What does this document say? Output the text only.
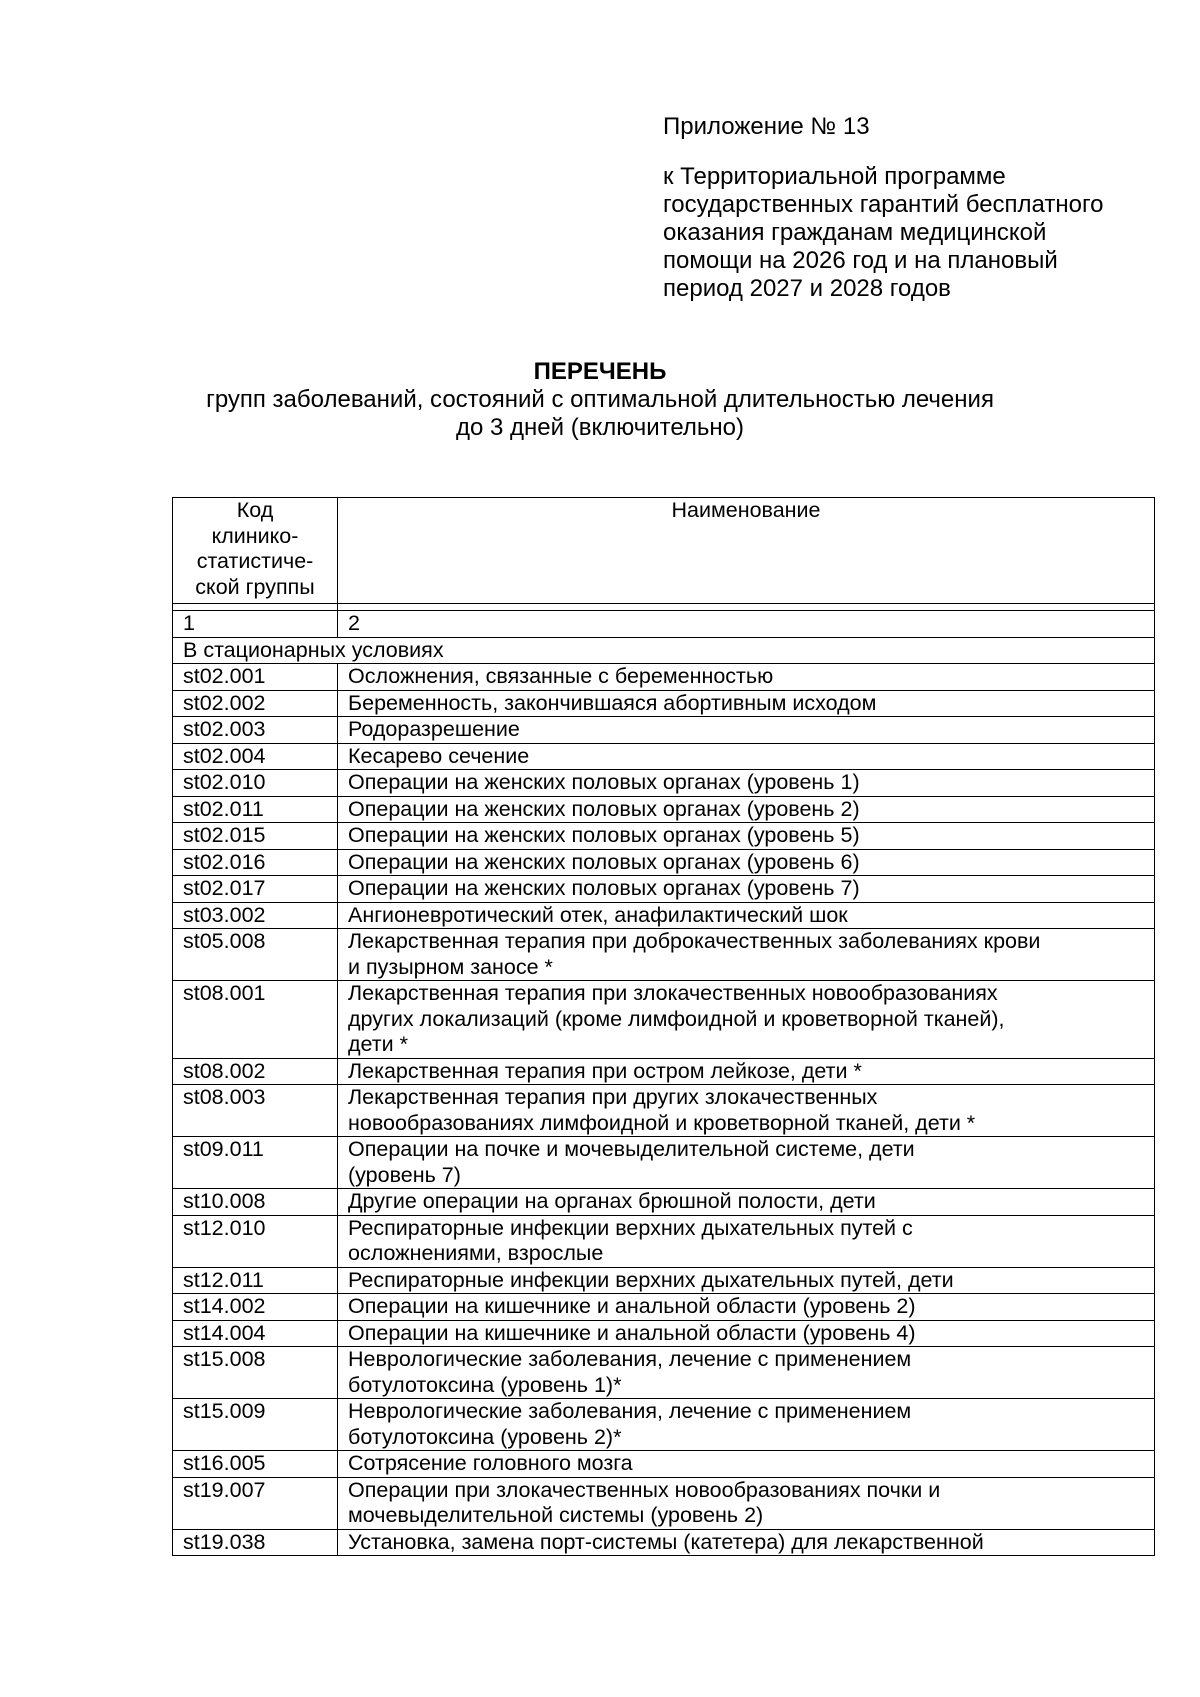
Приложение № 13
к Территориальной программе
государственных гарантий бесплатного
оказания гражданам медицинской
помощи на 2026 год и на плановый
период 2027 и 2028 годов
ПЕРЕЧЕНЬ
групп заболеваний, состояний с оптимальной длительностью лечения
до 3 дней (включительно)
Код
клинико-
статистиче-
ской группы	Наименование

1	2
В стационарных условиях	
st02.001	Осложнения, связанные с беременностью

st02.002	Беременность, закончившаяся абортивным исходом

st02.003	Родоразрешение

st02.004	Кесарево сечение

st02.010	Операции на женских половых органах (уровень 1)

st02.011	Операции на женских половых органах (уровень 2)

st02.015	Операции на женских половых органах (уровень 5)

st02.016	Операции на женских половых органах (уровень 6)

st02.017	Операции на женских половых органах (уровень 7)

st03.002	Ангионевротический отек, анафилактический шок

st05.008	Лекарственная терапия при доброкачественных заболеваниях крови
и пузырном заносе *

st08.001	Лекарственная терапия при злокачественных новообразованиях
других локализаций (кроме лимфоидной и кроветворной тканей),
дети *

st08.002	Лекарственная терапия при остром лейкозе, дети *

st08.003	Лекарственная терапия при других злокачественных
новообразованиях лимфоидной и кроветворной тканей, дети *

st09.011	Операции на почке и мочевыделительной системе, дети
(уровень 7)

st10.008	Другие операции на органах брюшной полости, дети

st12.010	Респираторные инфекции верхних дыхательных путей с
осложнениями, взрослые

st12.011	Респираторные инфекции верхних дыхательных путей, дети

st14.002	Операции на кишечнике и анальной области (уровень 2)

st14.004	Операции на кишечнике и анальной области (уровень 4)

st15.008	Неврологические заболевания, лечение с применением
ботулотоксина (уровень 1)*

st15.009	Неврологические заболевания, лечение с применением
ботулотоксина (уровень 2)*

st16.005	Сотрясение головного мозга

st19.007	Операции при злокачественных новообразованиях почки и
мочевыделительной системы (уровень 2)

st19.038	Установка, замена порт-системы (катетера) для лекарственной
